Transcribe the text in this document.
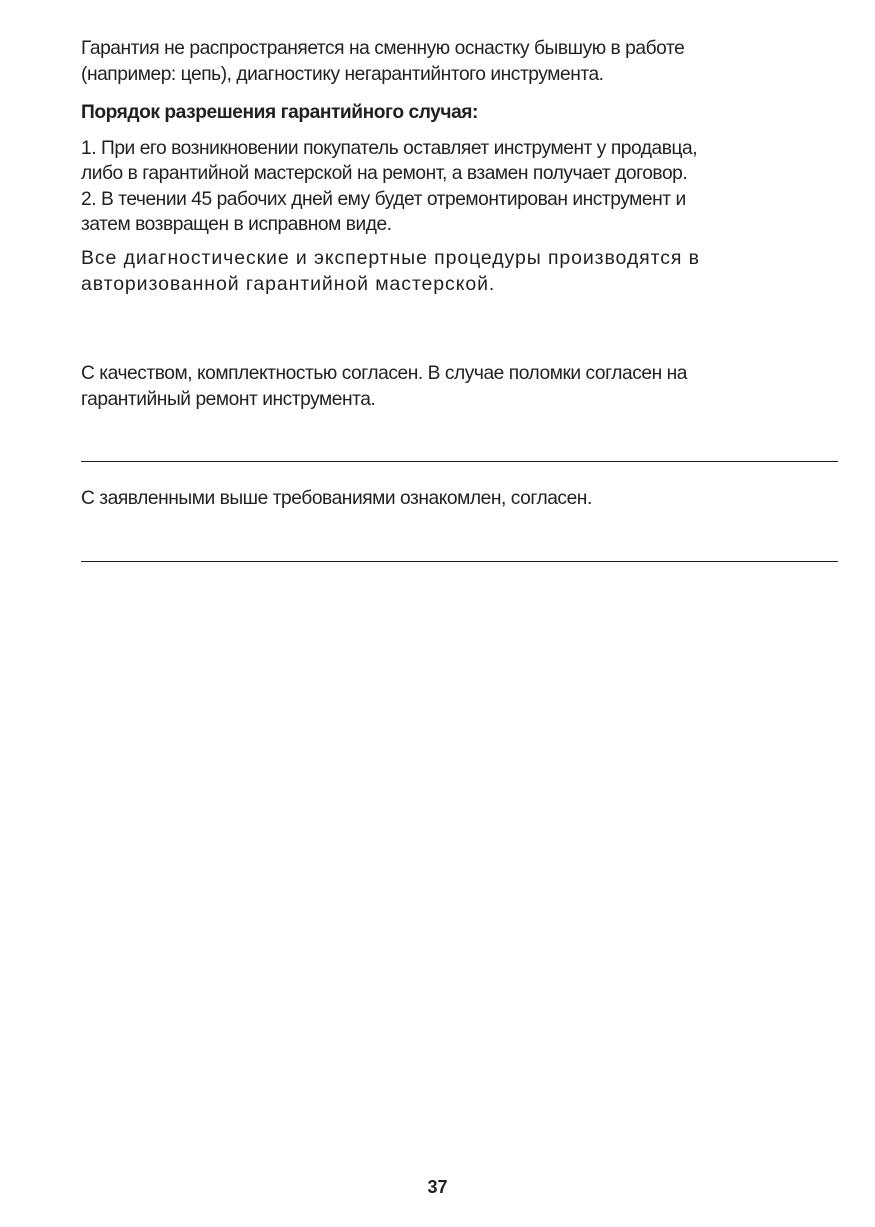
Гарантия не распространяется на сменную оснастку бывшую в работе
(например: цепь), диагностику негарантийнтого инструмента.
Порядок разрешения гарантийного случая:
1. При его возникновении покупатель оставляет инструмент у продавца,
либо в гарантийной мастерской на ремонт, а взамен получает договор.
2. В течении 45 рабочих дней ему будет отремонтирован инструмент и
затем возвращен в исправном виде.
Все диагностические и экспертные процедуры производятся в
авторизованной гарантийной мастерской.
С качеством, комплектностью согласен. В случае поломки согласен на
гарантийный ремонт инструмента.
С заявленными выше требованиями ознакомлен, согласен.
37
